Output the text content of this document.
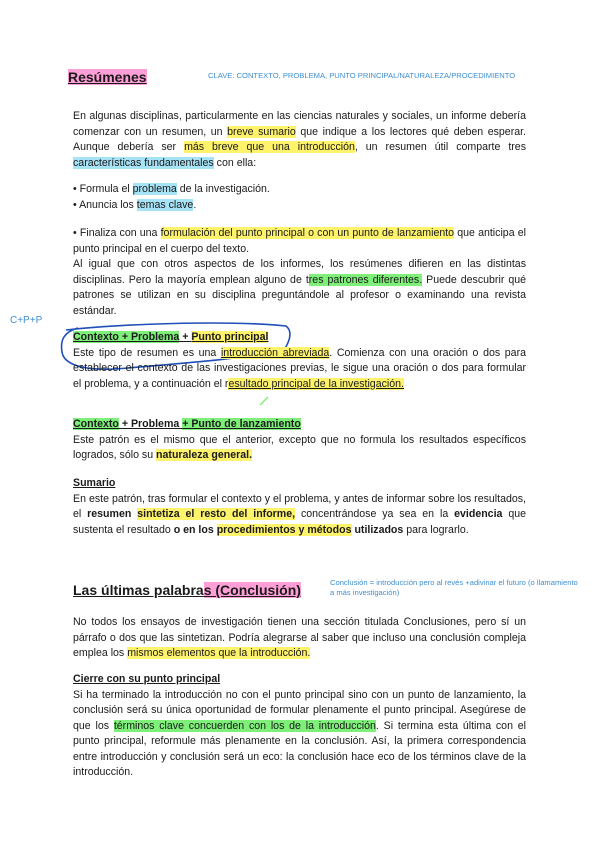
Resúmenes	CLAVE: CONTEXTO, PROBLEMA, PUNTO PRINCIPAL/NATURALEZA/PROCEDIMIENTO
C+P+P
En algunas disciplinas, particularmente en las ciencias naturales y sociales, un informe debería comenzar con un resumen, un breve sumario que indique a los lectores qué deben esperar. Aunque debería ser más breve que una introducción, un resumen útil comparte tres características fundamentales con ella:
• Formula el problema de la investigación.
• Anuncia los temas clave.
• Finaliza con una formulación del punto principal o con un punto de lanzamiento que anticipa el punto principal en el cuerpo del texto.
Al igual que con otros aspectos de los informes, los resúmenes difieren en las distintas disciplinas. Pero la mayoría emplean alguno de tres patrones diferentes. Puede descubrir qué patrones se utilizan en su disciplina preguntándole al profesor o examinando una revista estándar.
Contexto + Problema + Punto principal
Este tipo de resumen es una introducción abreviada. Comienza con una oración o dos para establecer el contexto de las investigaciones previas, le sigue una oración o dos para formular el problema, y a continuación el resultado principal de la investigación.
Contexto + Problema + Punto de lanzamiento
Este patrón es el mismo que el anterior, excepto que no formula los resultados específicos logrados, sólo su naturaleza general.
Sumario
En este patrón, tras formular el contexto y el problema, y antes de informar sobre los resultados, el resumen sintetiza el resto del informe, concentrándose ya sea en la evidencia que sustenta el resultado o en los procedimientos y métodos utilizados para lograrlo.
Las últimas palabras (Conclusión)	Conclusión = introducción pero al revés +adivinar el futuro (o llamamiento a más investigación)
No todos los ensayos de investigación tienen una sección titulada Conclusiones, pero sí un párrafo o dos que las sintetizan. Podría alegrarse al saber que incluso una conclusión compleja emplea los mismos elementos que la introducción.
Cierre con su punto principal
Si ha terminado la introducción no con el punto principal sino con un punto de lanzamiento, la conclusión será su única oportunidad de formular plenamente el punto principal. Asegúrese de que los términos clave concuerden con los de la introducción. Si termina esta última con el punto principal, reformule más plenamente en la conclusión. Así, la primera correspondencia entre introducción y conclusión será un eco: la conclusión hace eco de los términos clave de la introducción.
